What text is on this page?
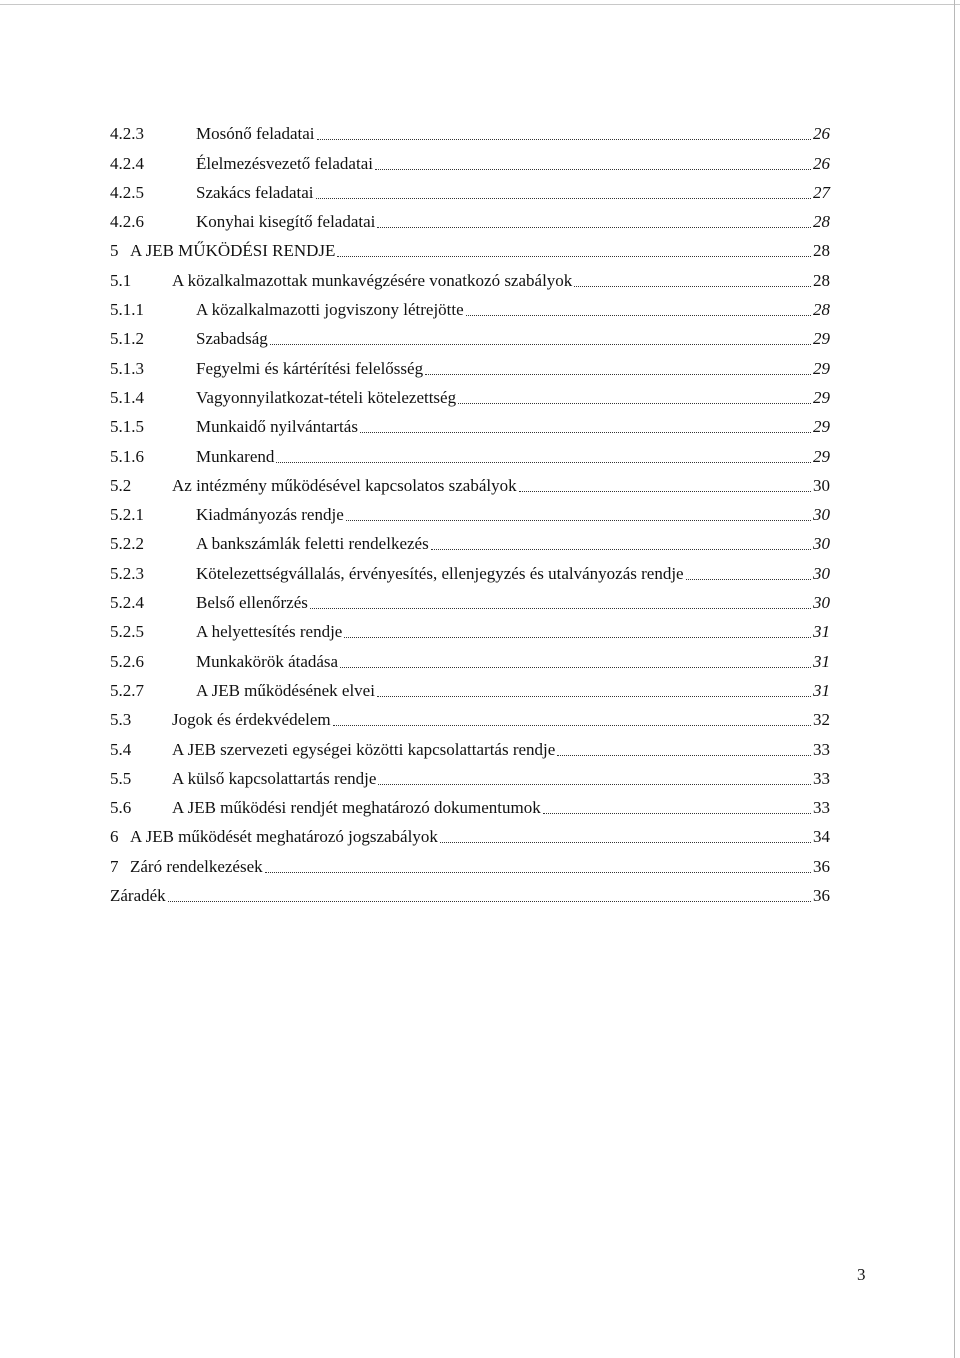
4.2.3	Mosónő feladatai	26
4.2.4	Élelmezésvezető feladatai	26
4.2.5	Szakács feladatai	27
4.2.6	Konyhai kisegítő feladatai	28
5 A JEB MŰKÖDÉSI RENDJE	28
5.1	A közalkalmazottak munkavégzésére vonatkozó szabályok	28
5.1.1	A közalkalmazotti jogviszony létrejötte	28
5.1.2	Szabadság	29
5.1.3	Fegyelmi és kártérítési felelősség	29
5.1.4	Vagyonnyilatkozat-tételi kötelezettség	29
5.1.5	Munkaidő nyilvántartás	29
5.1.6	Munkarend	29
5.2	Az intézmény működésével kapcsolatos szabályok	30
5.2.1	Kiadmányozás rendje	30
5.2.2	A bankszámlák feletti rendelkezés	30
5.2.3	Kötelezettségvállalás, érvényesítés, ellenjegyzés és utalványozás rendje	30
5.2.4	Belső ellenőrzés	30
5.2.5	A helyettesítés rendje	31
5.2.6	Munkakörök átadása	31
5.2.7	A JEB működésének elvei	31
5.3	Jogok és érdekvédelem	32
5.4	A JEB szervezeti egységei közötti kapcsolattartás rendje	33
5.5	A külső kapcsolattartás rendje	33
5.6	A JEB működési rendjét meghatározó dokumentumok	33
6 A JEB működését meghatározó jogszabályok	34
7 Záró rendelkezések	36
Záradék	36
3
